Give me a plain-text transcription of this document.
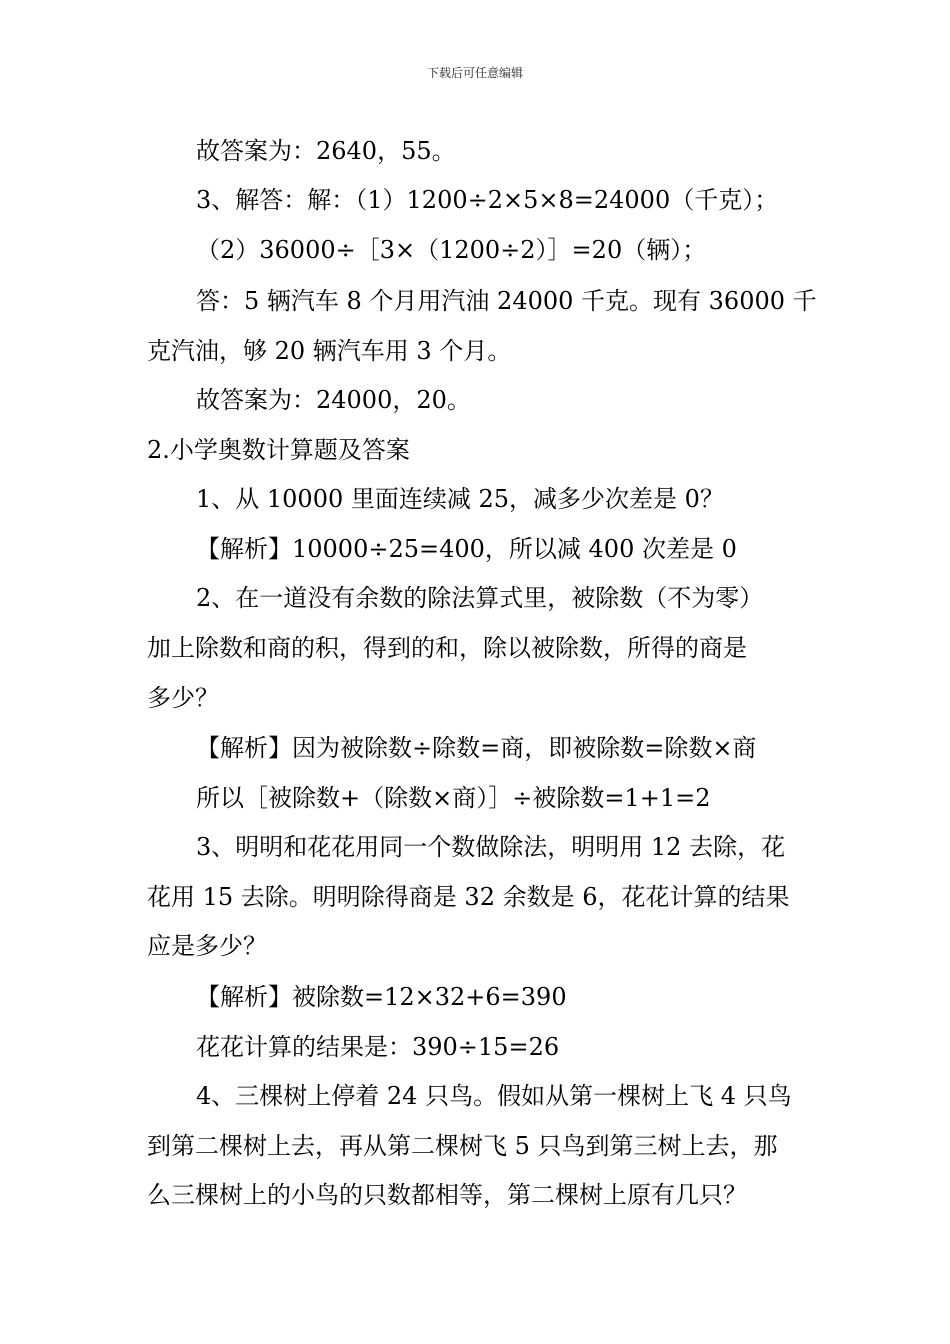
下载后可任意编辑
故答案为：2640，55。
3、解答：解：（1）1200÷2×5×8=24000（千克）；
（2）36000÷［3×（1200÷2）］=20（辆）；
答：5 辆汽车 8 个月用汽油 24000 千克。现有 36000 千
克汽油，够 20 辆汽车用 3 个月。
故答案为：24000，20。
2.小学奥数计算题及答案
1、从 10000 里面连续减 25，减多少次差是 0？
【解析】10000÷25=400，所以减 400 次差是 0
2、在一道没有余数的除法算式里，被除数（不为零）
加上除数和商的积，得到的和，除以被除数，所得的商是
多少？
【解析】因为被除数÷除数=商，即被除数=除数×商
所以［被除数+（除数×商）］÷被除数=1+1=2
3、明明和花花用同一个数做除法，明明用 12 去除，花
花用 15 去除。明明除得商是 32 余数是 6，花花计算的结果
应是多少？
【解析】被除数=12×32+6=390
花花计算的结果是：390÷15=26
4、三棵树上停着 24 只鸟。假如从第一棵树上飞 4 只鸟
到第二棵树上去，再从第二棵树飞 5 只鸟到第三树上去，那
么三棵树上的小鸟的只数都相等，第二棵树上原有几只？
